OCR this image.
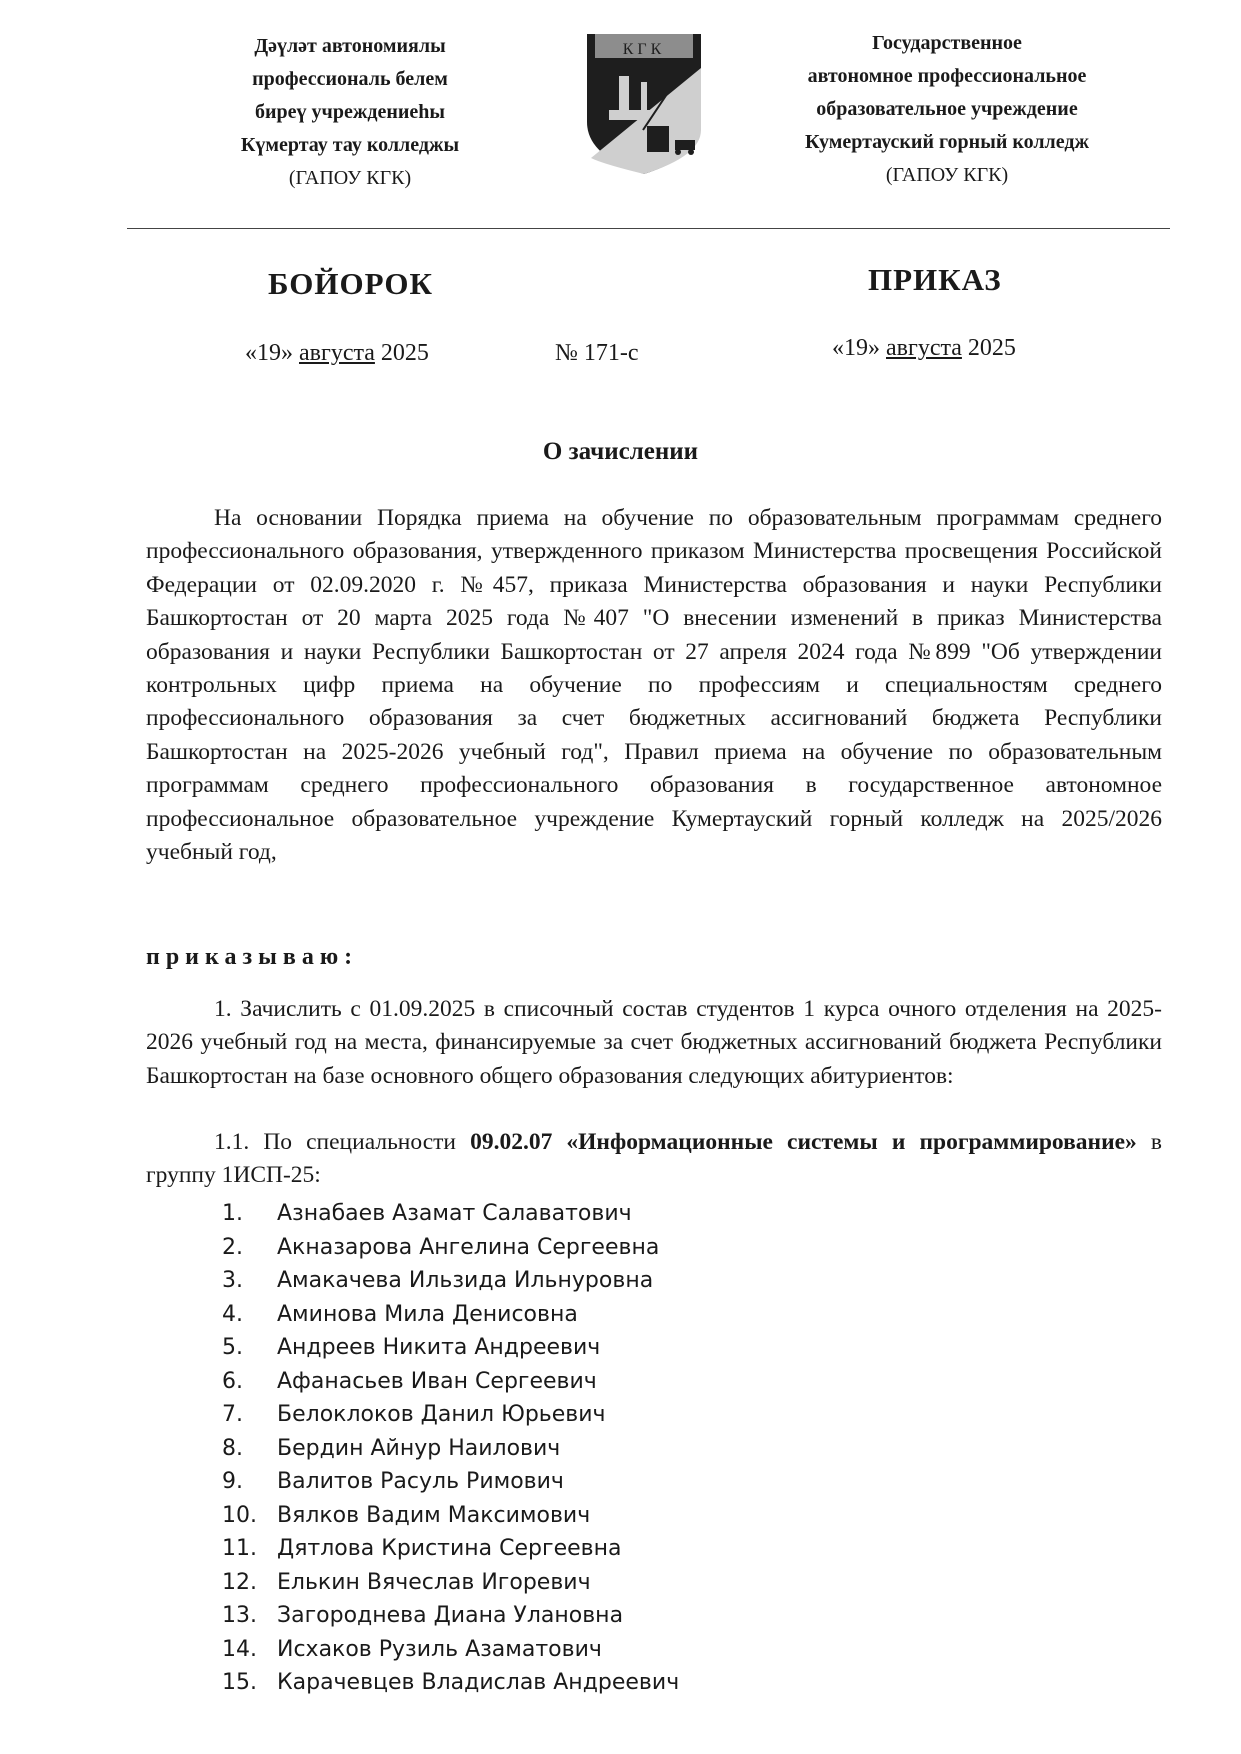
Дәүләт автономиялы
профессиональ белем
биреү учреждениеһы
Күмертау тау колледжы
(ГАПОУ КГК)
КГК	Государственное
автономное профессиональное
образовательное учреждение
Кумертауский горный колледж
(ГАПОУ КГК)
БОЙОРОК	ПРИКАЗ
«19» августа 2025	№ 171-с	«19» августа 2025
О зачислении

На основании Порядка приема на обучение по образовательным программам среднего профессионального образования, утвержденного приказом Министерства просвещения Российской Федерации от 02.09.2020 г. №457, приказа Министерства образования и науки Республики Башкортостан от 20 марта 2025 года №407 "О внесении изменений в приказ Министерства образования и науки Республики Башкортостан от 27 апреля 2024 года №899 "Об утверждении контрольных цифр приема на обучение по профессиям и специальностям среднего профессионального образования за счет бюджетных ассигнований бюджета Республики Башкортостан на 2025-2026 учебный год", Правил приема на обучение по образовательным программам среднего профессионального образования в государственное автономное профессиональное образовательное учреждение Кумертауский горный колледж на 2025/2026 учебный год,

приказываю:

1. Зачислить с 01.09.2025 в списочный состав студентов 1 курса очного отделения на 2025- 2026 учебный год на места, финансируемые за счет бюджетных ассигнований бюджета Республики Башкортостан на базе основного общего образования следующих абитуриентов:

1.1. По специальности 09.02.07 «Информационные системы и программирование» в группу 1ИСП-25:

1.	Азнабаев Азамат Салаватович
2.	Акназарова Ангелина Сергеевна
3.	Амакачева Ильзида Ильнуровна
4.	Аминова Мила Денисовна
5.	Андреев Никита Андреевич
6.	Афанасьев Иван Сергеевич
7.	Белоклоков Данил Юрьевич
8.	Бердин Айнур Наилович
9.	Валитов Расуль Римович
10. Вялков Вадим Максимович
11. Дятлова Кристина Сергеевна
12. Елькин Вячеслав Игоревич
13. Загороднева Диана Улановна
14. Исхаков Рузиль Азаматович
15. Карачевцев Владислав Андреевич
